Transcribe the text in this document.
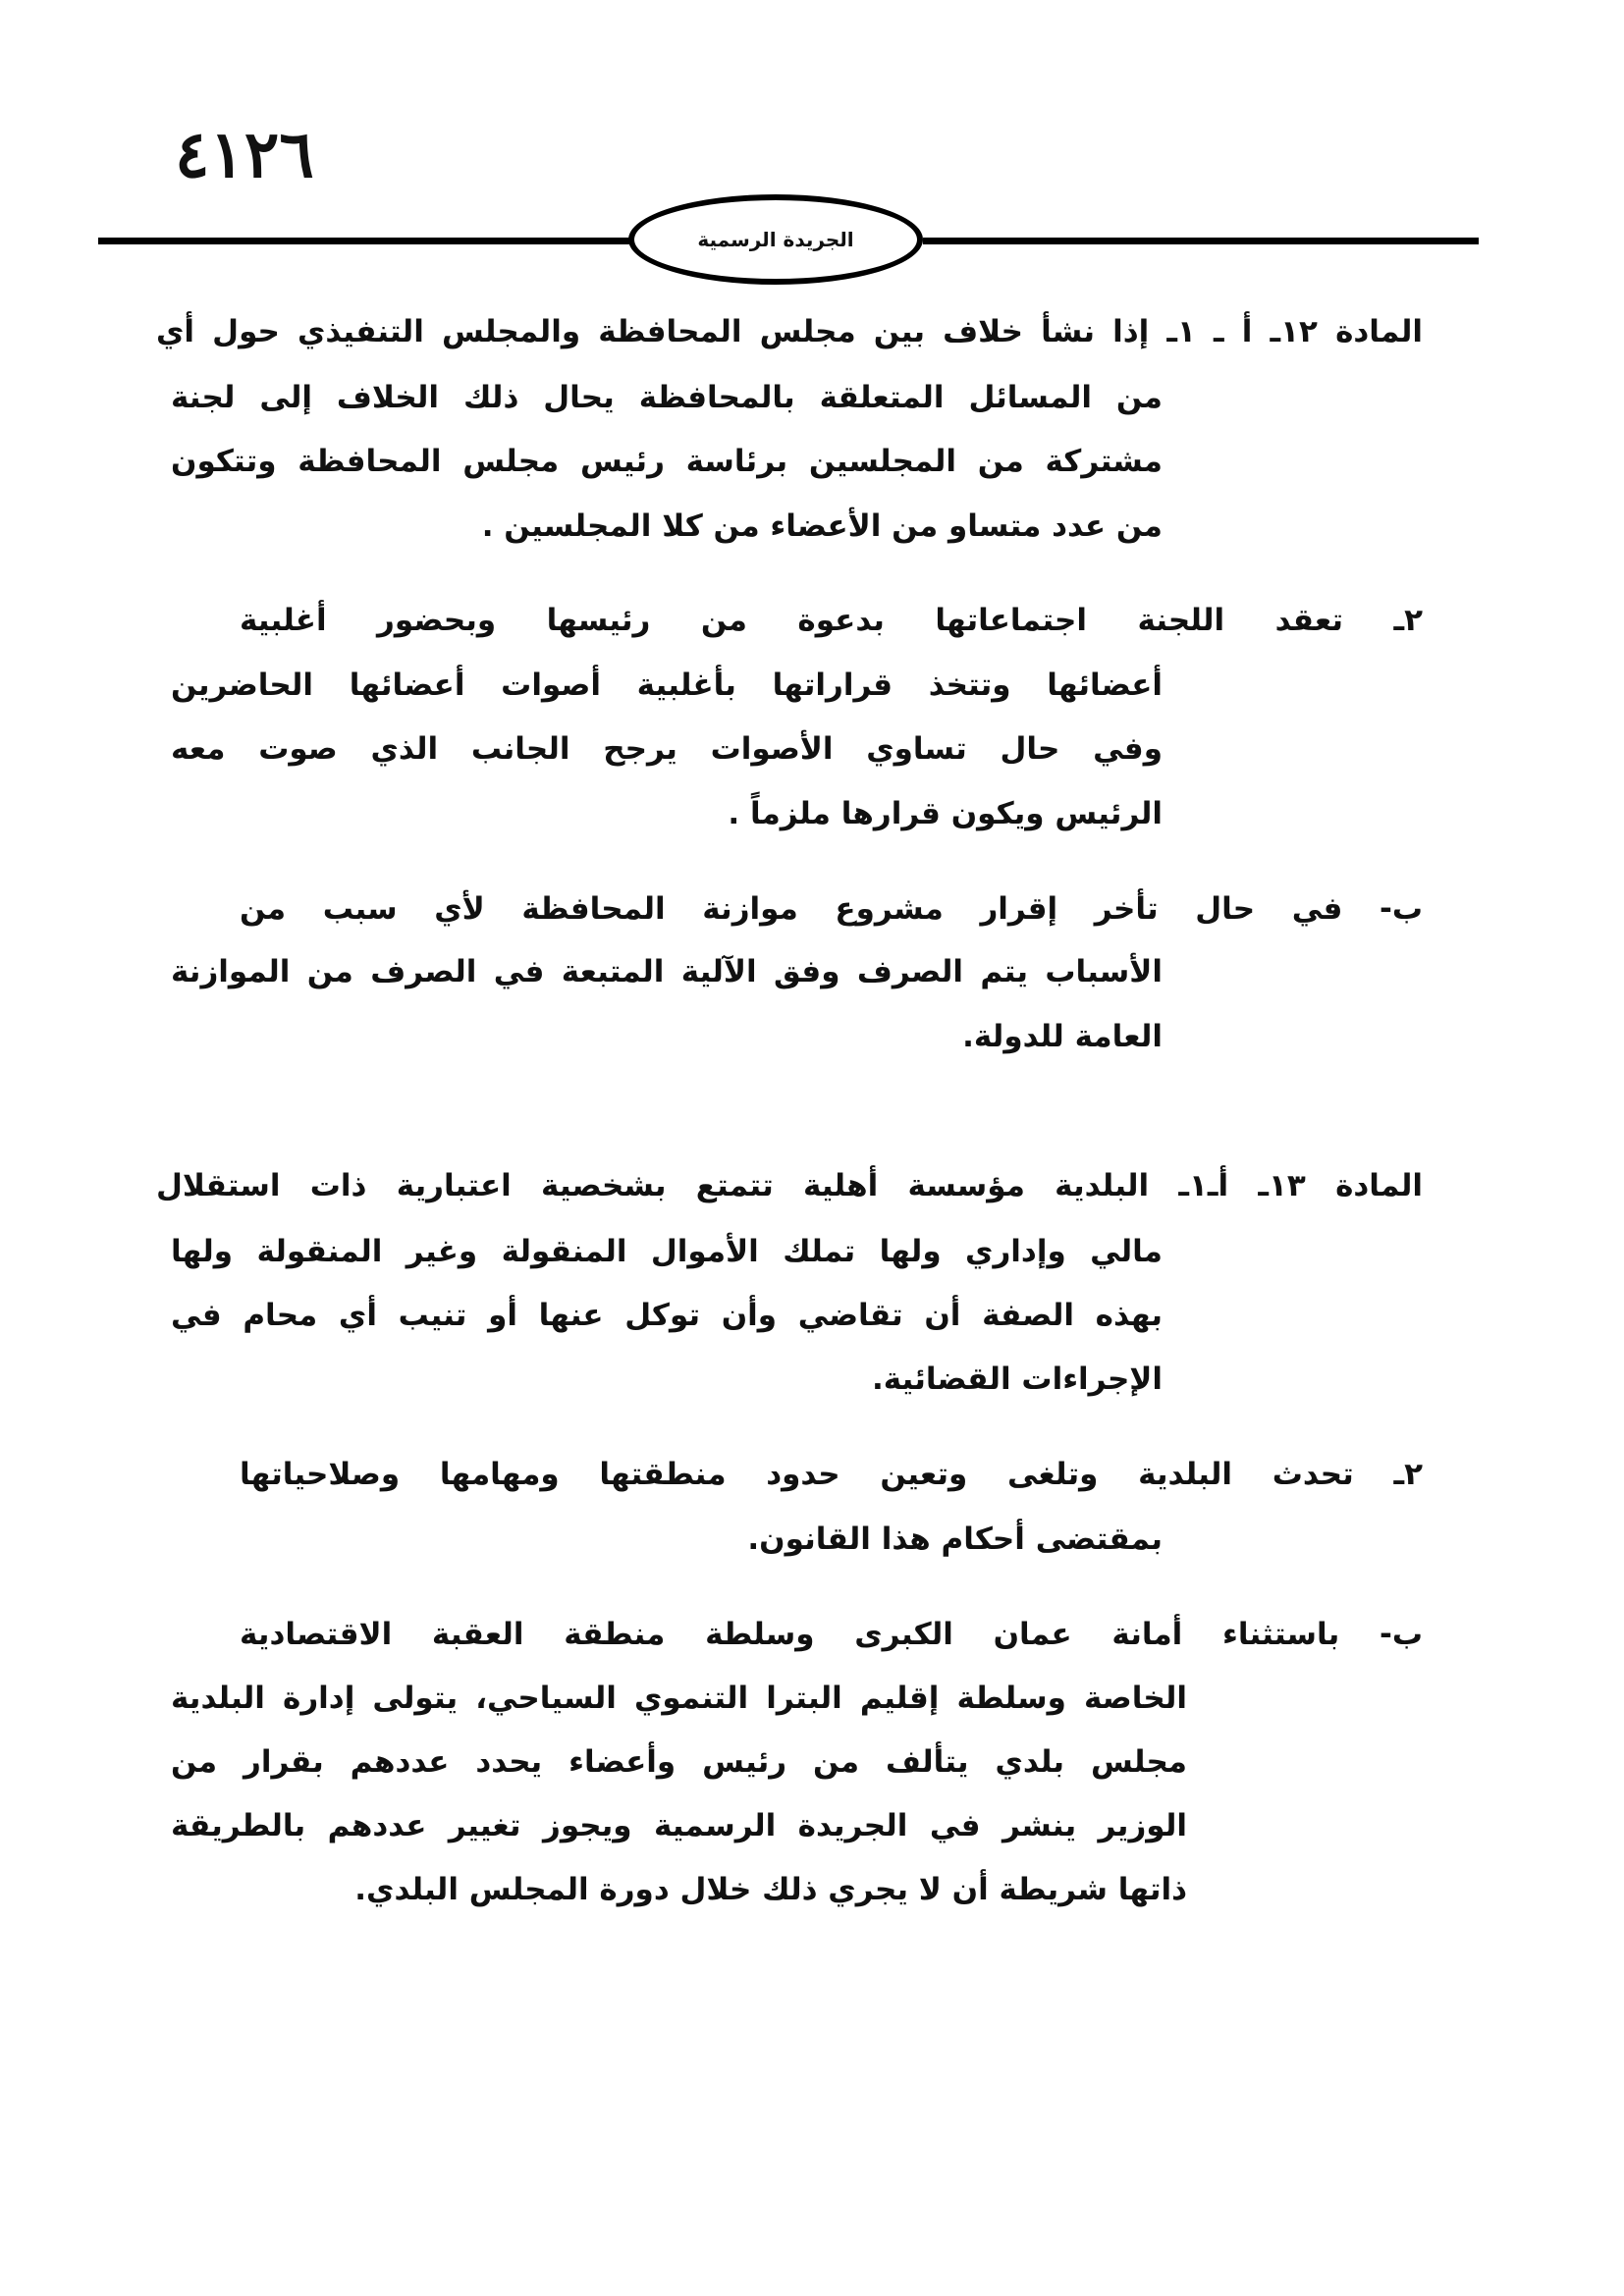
٤١٢٦
الجريدة الرسمية
المادة ١٢ـ أ ـ ١ـ إذا نشأ خلاف بين مجلس المحافظة والمجلس التنفيذي حول أي
من المسائل المتعلقة بالمحافظة يحال ذلك الخلاف إلى لجنة
مشتركة من المجلسين برئاسة رئيس مجلس المحافظة وتتكون
من عدد متساو من الأعضاء من كلا المجلسين .
٢ـ تعقد اللجنة اجتماعاتها بدعوة من رئيسها وبحضور أغلبية
أعضائها وتتخذ قراراتها بأغلبية أصوات أعضائها الحاضرين
وفي حال تساوي الأصوات يرجح الجانب الذي صوت معه
الرئيس ويكون قرارها ملزماً .
ب- في حال تأخر إقرار مشروع موازنة المحافظة لأي سبب من
الأسباب يتم الصرف وفق الآلية المتبعة في الصرف من الموازنة
العامة للدولة.
المادة ١٣ـ أـ١ـ البلدية مؤسسة أهلية تتمتع بشخصية اعتبارية ذات استقلال
مالي وإداري ولها تملك الأموال المنقولة وغير المنقولة ولها
بهذه الصفة أن تقاضي وأن توكل عنها أو تنيب أي محام في
الإجراءات القضائية.
٢ـ تحدث البلدية وتلغى وتعين حدود منطقتها ومهامها وصلاحياتها
بمقتضى أحكام هذا القانون.
ب- باستثناء أمانة عمان الكبرى وسلطة منطقة العقبة الاقتصادية
الخاصة وسلطة إقليم البترا التنموي السياحي، يتولى إدارة البلدية
مجلس بلدي يتألف من رئيس وأعضاء يحدد عددهم بقرار من
الوزير ينشر في الجريدة الرسمية ويجوز تغيير عددهم بالطريقة
ذاتها شريطة أن لا يجري ذلك خلال دورة المجلس البلدي.
